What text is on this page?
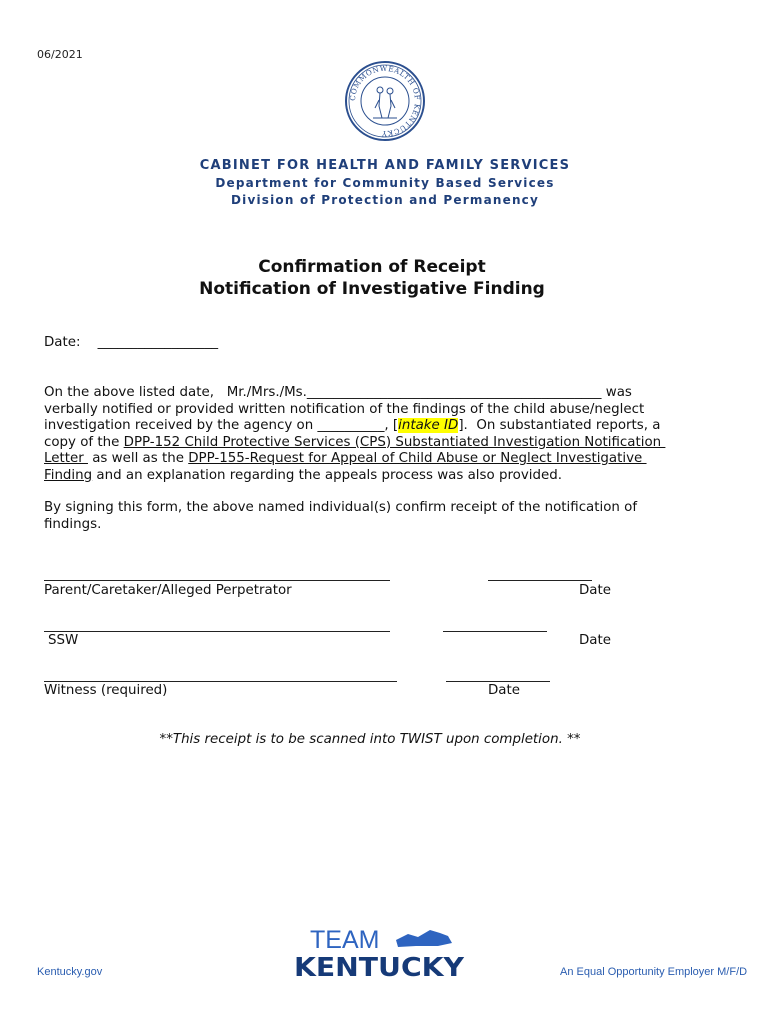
06/2021
COMMONWEALTH OF KENTUCKY
CABINET FOR HEALTH AND FAMILY SERVICES
Department for Community Based Services
Division of Protection and Permanency
Confirmation of Receipt
Notification of Investigative Finding
Date: __________________
On the above listed date,   Mr./Mrs./Ms.____________________________________________ was
verbally notified or provided written notification of the findings of the child abuse/neglect
investigation received by the agency on __________, [intake ID].  On substantiated reports, a
copy of the DPP-152 Child Protective Services (CPS) Substantiated Investigation Notification
Letter  as well as the DPP-155-Request for Appeal of Child Abuse or Neglect Investigative
Finding and an explanation regarding the appeals process was also provided.
By signing this form, the above named individual(s) confirm receipt of the notification of
findings.
Parent/Caretaker/Alleged Perpetrator	Date
SSW	Date
Witness (required)	Date
**This receipt is to be scanned into TWIST upon completion. **
Kentucky.gov
TEAM
KENTUCKY	An Equal Opportunity Employer M/F/D
